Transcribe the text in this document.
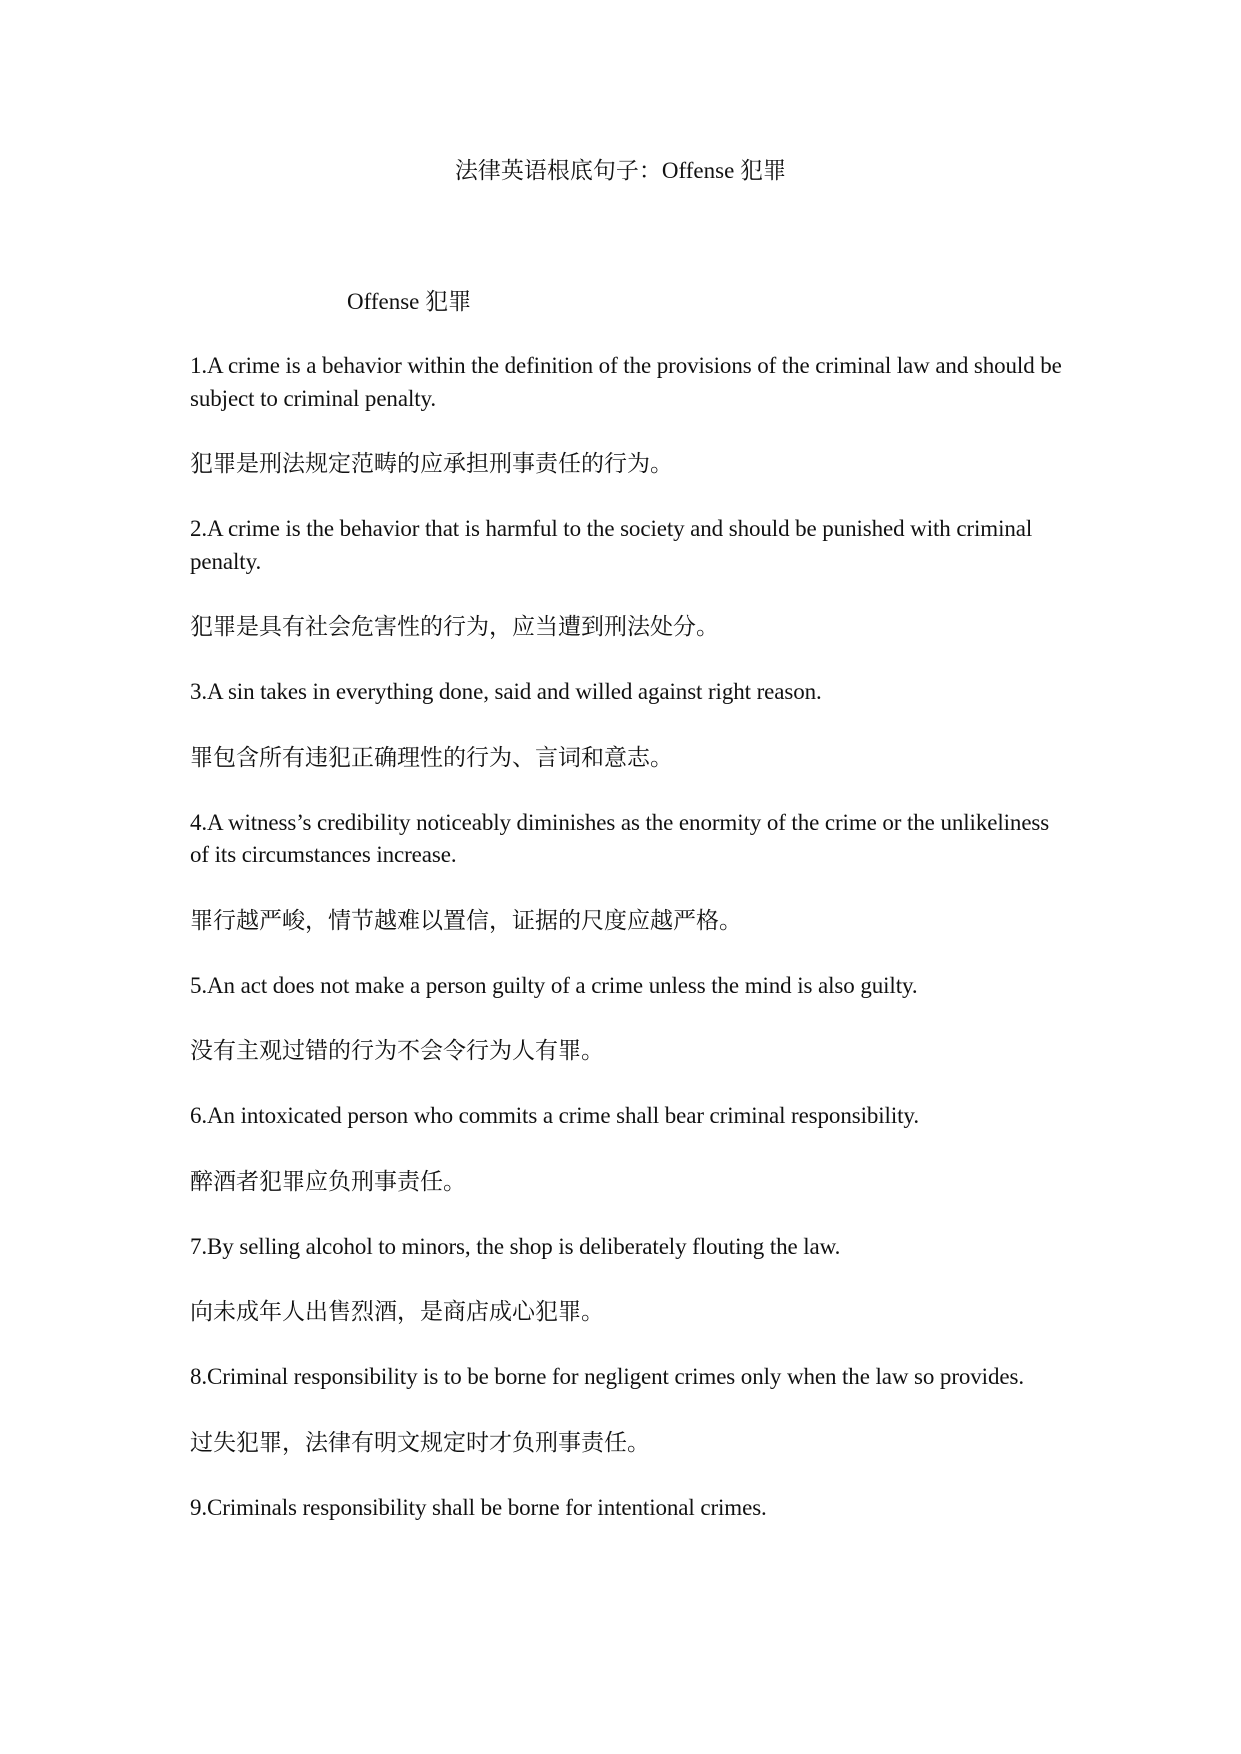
法律英语根底句子：Offense 犯罪
Offense 犯罪

1.A crime is a behavior within the definition of the provisions of the criminal law and should be subject to criminal penalty.

犯罪是刑法规定范畴的应承担刑事责任的行为。

2.A crime is the behavior that is harmful to the society and should be punished with criminal penalty.

犯罪是具有社会危害性的行为，应当遭到刑法处分。

3.A sin takes in everything done, said and willed against right reason.

罪包含所有违犯正确理性的行为、言词和意志。

4.A witness’s credibility noticeably diminishes as the enormity of the crime or the unlikeliness of its circumstances increase.

罪行越严峻，情节越难以置信，证据的尺度应越严格。

5.An act does not make a person guilty of a crime unless the mind is also guilty.

没有主观过错的行为不会令行为人有罪。

6.An intoxicated person who commits a crime shall bear criminal responsibility.

醉酒者犯罪应负刑事责任。

7.By selling alcohol to minors, the shop is deliberately flouting the law.

向未成年人出售烈酒，是商店成心犯罪。

8.Criminal responsibility is to be borne for negligent crimes only when the law so provides.

过失犯罪，法律有明文规定时才负刑事责任。

9.Criminals responsibility shall be borne for intentional crimes.
